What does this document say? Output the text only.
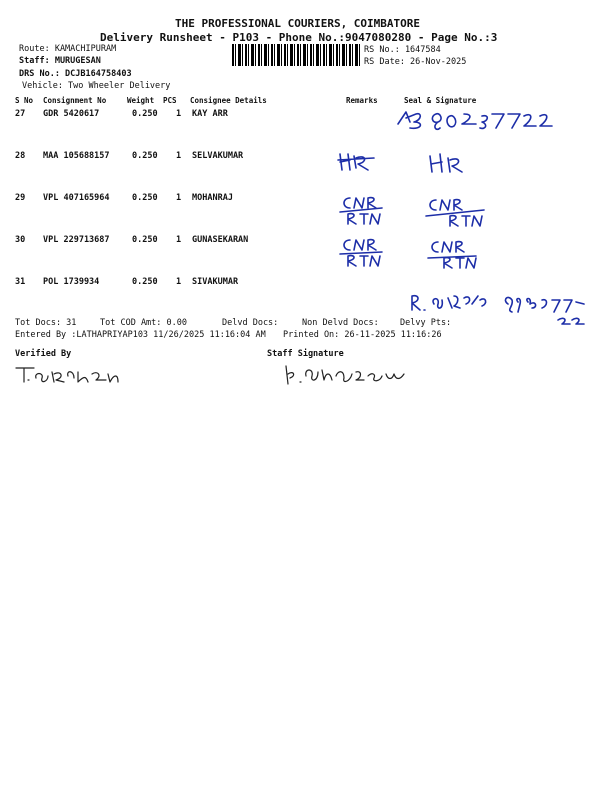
THE PROFESSIONAL COURIERS, COIMBATORE
Delivery Runsheet - P103 - Phone No.:9047080280 - Page No.:3
Route: KAMACHIPURAM
Staff: MURUGESAN
DRS No.: DCJB164758403
Vehicle: Two Wheeler Delivery
RS No.: 1647584
RS Date: 26-Nov-2025
S No Consignment No	Weight PCS Consignee Details	Remarks	Seal & Signature
27 GDR 5420617	0.250 1 KAY ARR
28 MAA 105688157	0.250 1 SELVAKUMAR
29 VPL 407165964	0.250 1 MOHANRAJ
30 VPL 229713687	0.250 1 GUNASEKARAN
31 POL 1739934	0.250 1 SIVAKUMAR
Tot Docs: 31	Tot COD Amt: 0.00	Delvd Docs:	Non Delvd Docs: Delvy Pts:
Entered By :LATHAPRIYAP103 11/26/2025 11:16:04 AM Printed On: 26-11-2025 11:16:26
Verified By	Staff Signature
